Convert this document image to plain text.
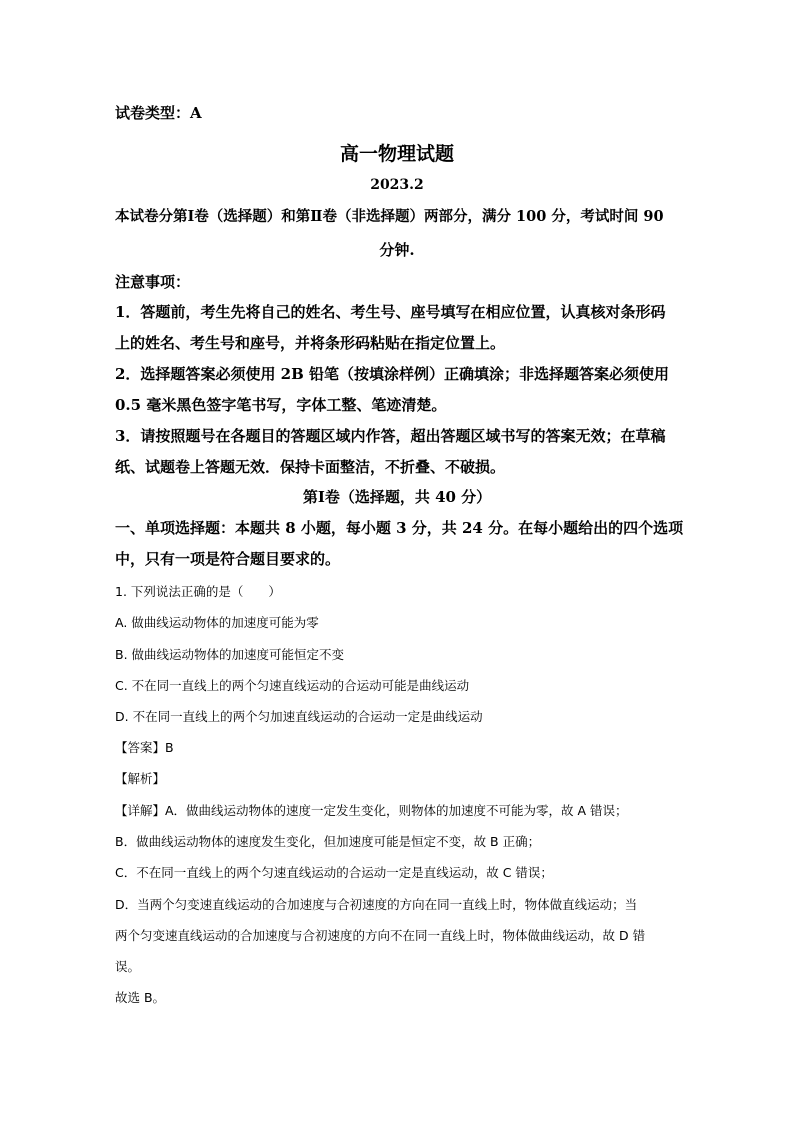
试卷类型：A
高一物理试题
2023.2
本试卷分第Ⅰ卷（选择题）和第Ⅱ卷（非选择题）两部分，满分 100 分，考试时间 90
分钟.
注意事项：
1．答题前，考生先将自己的姓名、考生号、座号填写在相应位置，认真核对条形码
上的姓名、考生号和座号，并将条形码粘贴在指定位置上。
2．选择题答案必须使用 2B 铅笔（按填涂样例）正确填涂；非选择题答案必须使用
0.5 毫米黑色签字笔书写，字体工整、笔迹清楚。
3．请按照题号在各题目的答题区域内作答，超出答题区域书写的答案无效；在草稿
纸、试题卷上答题无效．保持卡面整洁，不折叠、不破损。
第Ⅰ卷（选择题，共 40 分）
一、单项选择题：本题共 8 小题，每小题 3 分，共 24 分。在每小题给出的四个选项
中，只有一项是符合题目要求的。
1. 下列说法正确的是（　　）
A. 做曲线运动物体的加速度可能为零
B. 做曲线运动物体的加速度可能恒定不变
C. 不在同一直线上的两个匀速直线运动的合运动可能是曲线运动
D. 不在同一直线上的两个匀加速直线运动的合运动一定是曲线运动
【答案】B
【解析】
【详解】A．做曲线运动物体的速度一定发生变化，则物体的加速度不可能为零，故 A 错误；
B．做曲线运动物体的速度发生变化，但加速度可能是恒定不变，故 B 正确；
C．不在同一直线上的两个匀速直线运动的合运动一定是直线运动，故 C 错误；
D．当两个匀变速直线运动的合加速度与合初速度的方向在同一直线上时，物体做直线运动；当
两个匀变速直线运动的合加速度与合初速度的方向不在同一直线上时，物体做曲线运动，故 D 错
误。
故选 B。
